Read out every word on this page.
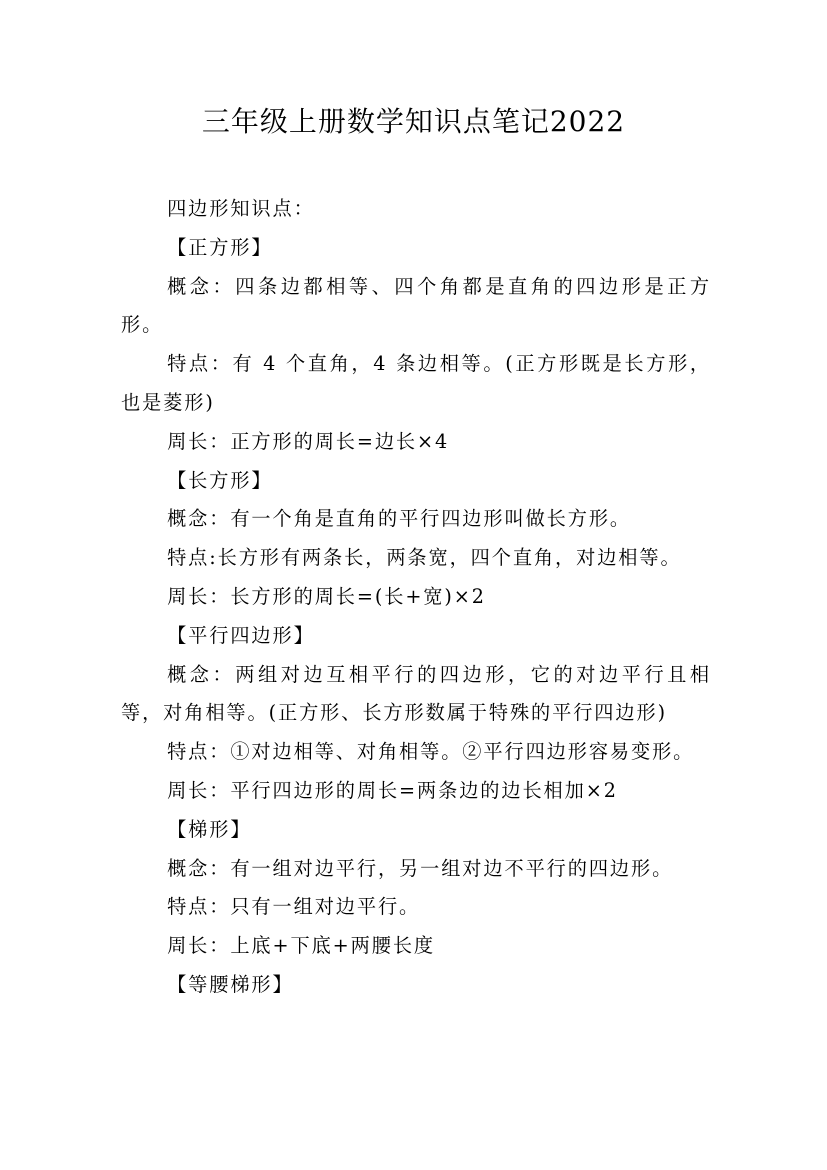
三年级上册数学知识点笔记2022

四边形知识点：

【正方形】

概念：四条边都相等、四个角都是直角的四边形是正方形。

特点：有 4 个直角，4 条边相等。(正方形既是长方形，也是菱形)

周长：正方形的周长=边长×4

【长方形】

概念：有一个角是直角的平行四边形叫做长方形。

特点:长方形有两条长，两条宽，四个直角，对边相等。

周长：长方形的周长=(长+宽)×2

【平行四边形】

概念：两组对边互相平行的四边形，它的对边平行且相等，对角相等。(正方形、长方形数属于特殊的平行四边形)

特点：①对边相等、对角相等。②平行四边形容易变形。

周长：平行四边形的周长=两条边的边长相加×2

【梯形】

概念：有一组对边平行，另一组对边不平行的四边形。

特点：只有一组对边平行。

周长：上底+下底+两腰长度

【等腰梯形】
